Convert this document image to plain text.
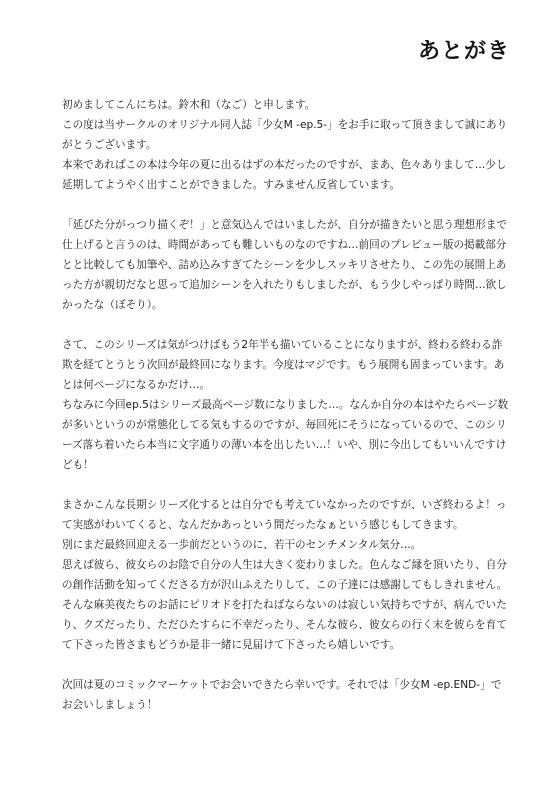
あとがき
初めましてこんにちは。鈴木和（なご）と申します。
この度は当サークルのオリジナル同人誌「少女M -ep.5-」をお手に取って頂きまして誠にありがとうございます。
本来であればこの本は今年の夏に出るはずの本だったのですが、まあ、色々ありまして…少し延期してようやく出すことができました。すみません反省しています。
「延びた分がっつり描くぞ！」と意気込んではいましたが、自分が描きたいと思う理想形まで仕上げると言うのは、時間があっても難しいものなのですね…前回のプレビュー版の掲載部分とと比較しても加筆や、詰め込みすぎてたシーンを少しスッキリさせたり、この先の展開上あった方が親切だなと思って追加シーンを入れたりもしましたが、もう少しやっぱり時間…欲しかったな（ぼそり）。
さて、このシリーズは気がつけばもう2年半も描いていることになりますが、終わる終わる詐欺を経てとうとう次回が最終回になります。今度はマジです。もう展開も固まっています。あとは何ページになるかだけ…。
ちなみに今回ep.5はシリーズ最高ページ数になりました…。なんか自分の本はやたらページ数が多いというのが常態化してる気もするのですが、毎回死にそうになっているので、このシリーズ落ち着いたら本当に文字通りの薄い本を出したい…！いや、別に今出してもいいんですけども！
まさかこんな長期シリーズ化するとは自分でも考えていなかったのですが、いざ終わるよ！って実感がわいてくると、なんだかあっという間だったなぁという感じもしてきます。
別にまだ最終回迎える一歩前だというのに、若干のセンチメンタル気分…。
思えば彼ら、彼女らのお陰で自分の人生は大きく変わりました。色んなご縁を頂いたり、自分の創作活動を知ってくださる方が沢山ふえたりして、この子達には感謝してもしきれません。
そんな麻美夜たちのお話にピリオドを打たねばならないのは寂しい気持ちですが、病んでいたり、クズだったり、ただひたすらに不幸だったり、そんな彼ら、彼女らの行く末を彼らを育てて下さった皆さまもどうか是非一緒に見届けて下さったら嬉しいです。
次回は夏のコミックマーケットでお会いできたら幸いです。それでは「少女M -ep.END-」でお会いしましょう！
